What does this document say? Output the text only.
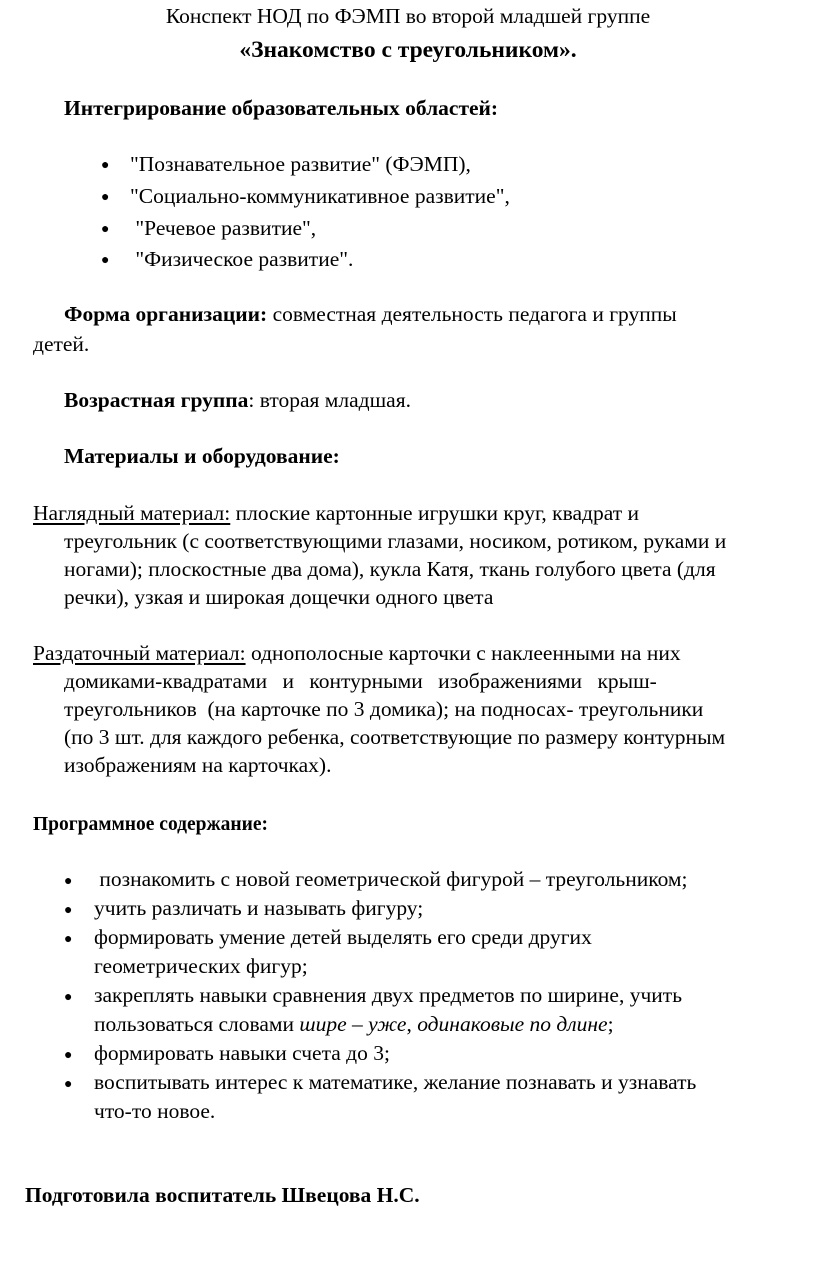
Конспект НОД по ФЭМП во второй младшей группе
«Знакомство с треугольником».
Интегрирование образовательных областей:
● "Познавательное развитие" (ФЭМП),
● "Социально-коммуникативное развитие",
● "Речевое развитие",
● "Физическое развитие".
Форма организации: совместная деятельность педагога и группы
детей.
Возрастная группа: вторая младшая.
Материалы и оборудование:
Наглядный материал: плоские картонные игрушки круг, квадрат и
треугольник (с соответствующими глазами, носиком, ротиком, руками и
ногами); плоскостные два дома), кукла Катя, ткань голубого цвета (для
речки), узкая и широкая дощечки одного цвета
Раздаточный материал: однополосные карточки с наклеенными на них
домиками-квадратами и контурными изображениями крыш-
треугольников  (на карточке по 3 домика); на подносах- треугольники
(по 3 шт. для каждого ребенка, соответствующие по размеру контурным
изображениям на карточках).
Программное содержание:
● познакомить с новой геометрической фигурой – треугольником;
● учить различать и называть фигуру;
● формировать умение детей выделять его среди других
геометрических фигур;
● закреплять навыки сравнения двух предметов по ширине, учить
пользоваться словами шире – уже, одинаковые по длине;
● формировать навыки счета до 3;
● воспитывать интерес к математике, желание познавать и узнавать
что-то новое.
Подготовила воспитатель Швецова Н.С.
